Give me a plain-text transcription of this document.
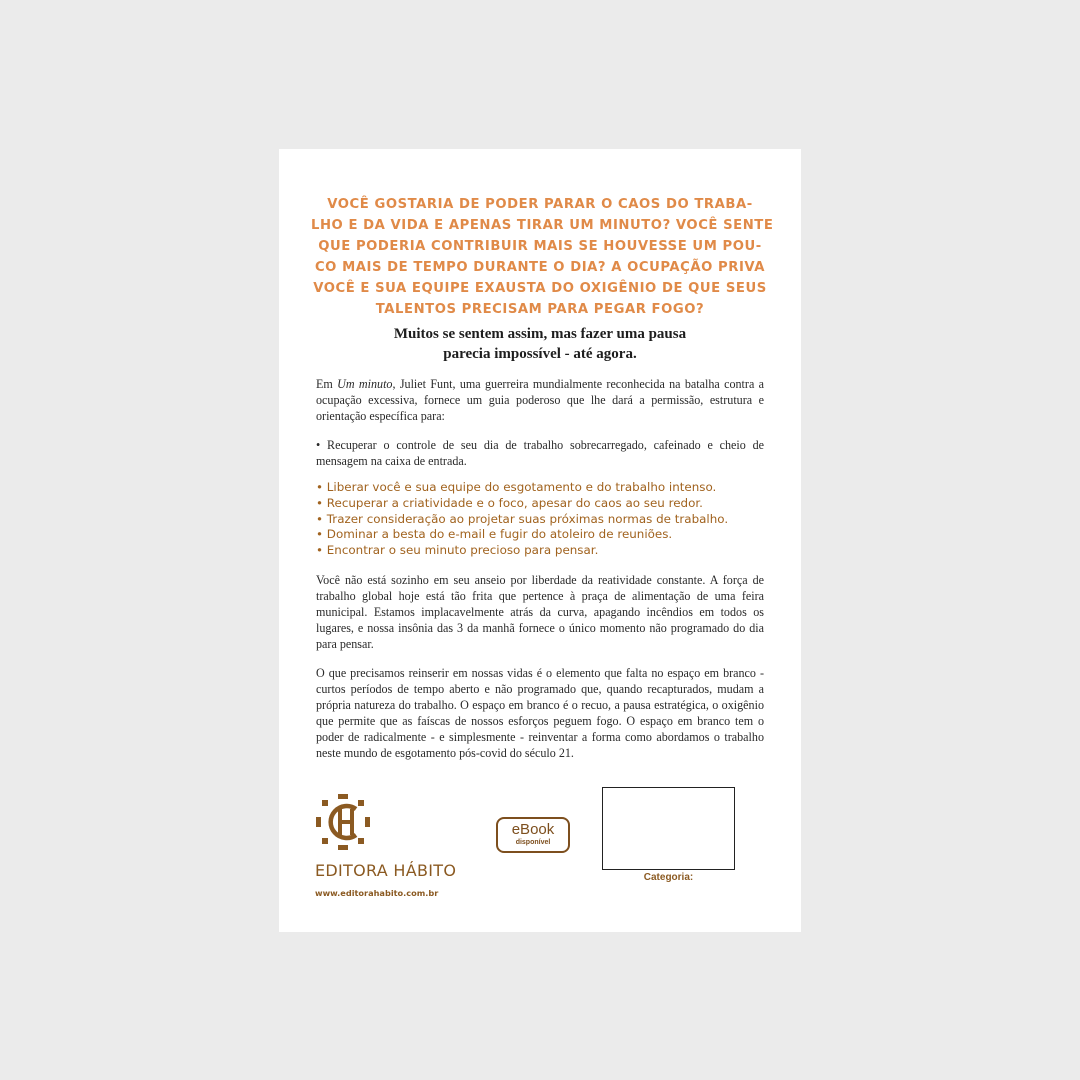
VOCÊ GOSTARIA DE PODER PARAR O CAOS DO TRABA-
LHO E DA VIDA E APENAS TIRAR UM MINUTO? VOCÊ SENTE
QUE PODERIA CONTRIBUIR MAIS SE HOUVESSE UM POU-
CO MAIS DE TEMPO DURANTE O DIA? A OCUPAÇÃO PRIVA
VOCÊ E SUA EQUIPE EXAUSTA DO OXIGÊNIO DE QUE SEUS
TALENTOS PRECISAM PARA PEGAR FOGO?
Muitos se sentem assim, mas fazer uma pausa
parecia impossível - até agora.

Em Um minuto, Juliet Funt, uma guerreira mundialmente reconhecida na batalha contra a ocupação excessiva, fornece um guia poderoso que lhe dará a permissão, estrutura e orientação específica para:

• Recuperar o controle de seu dia de trabalho sobrecarregado, cafeinado e cheio de mensagem na caixa de entrada.

• Liberar você e sua equipe do esgotamento e do trabalho intenso.
• Recuperar a criatividade e o foco, apesar do caos ao seu redor.
• Trazer consideração ao projetar suas próximas normas de trabalho.
• Dominar a besta do e-mail e fugir do atoleiro de reuniões.
• Encontrar o seu minuto precioso para pensar.

Você não está sozinho em seu anseio por liberdade da reatividade constante. A força de trabalho global hoje está tão frita que pertence à praça de alimentação de uma feira municipal. Estamos implacavelmente atrás da curva, apagando incêndios em todos os lugares, e nossa insônia das 3 da manhã fornece o único momento não programado do dia para pensar.

O que precisamos reinserir em nossas vidas é o elemento que falta no espaço em branco - curtos períodos de tempo aberto e não programado que, quando recapturados, mudam a própria natureza do trabalho. O espaço em branco é o recuo, a pausa estratégica, o oxigênio que permite que as faíscas de nossos esforços peguem fogo. O espaço em branco tem o poder de radicalmente - e simplesmente - reinventar a forma como abordamos o trabalho neste mundo de esgotamento pós-covid do século 21.

EDITORA HÁBITO
www.editorahabito.com.br
eBook
disponível
Categoria:
